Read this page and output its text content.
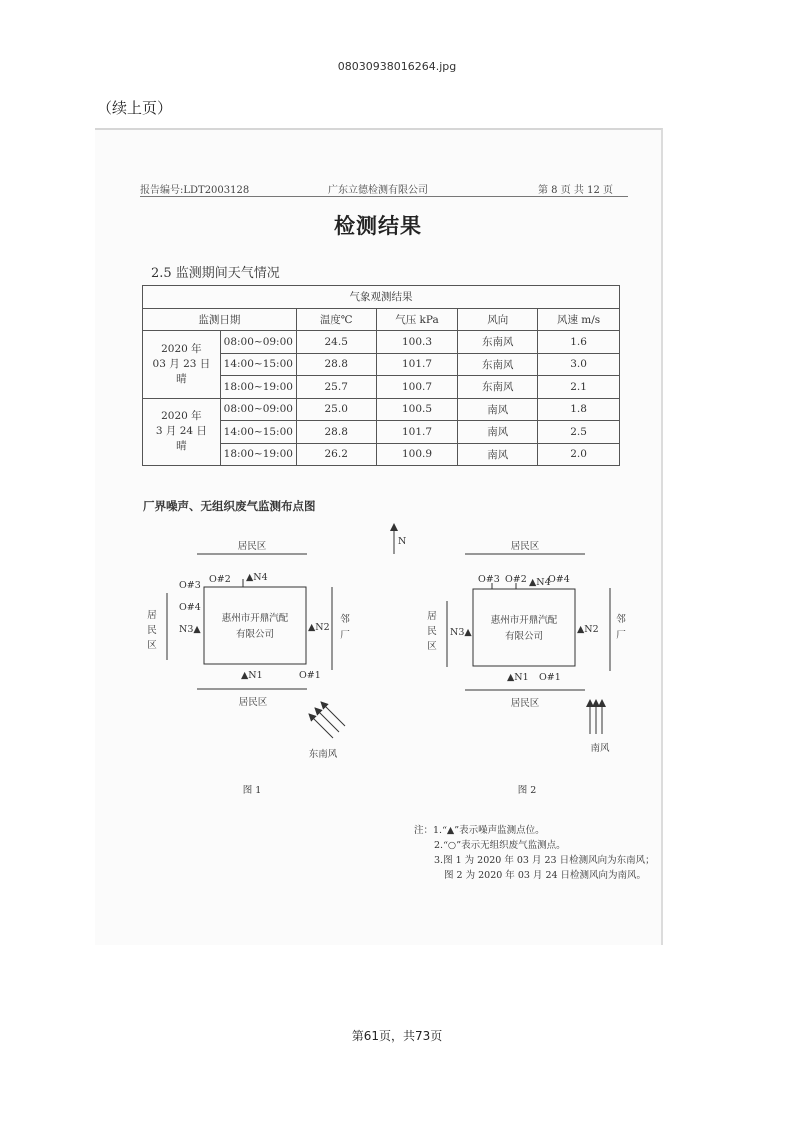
08030938016264.jpg
（续上页）
报告编号:LDT2003128	广东立德检测有限公司	第 8 页 共 12 页
检测结果
2.5 监测期间天气情况
气象观测结果					
监测日期		温度℃	气压 kPa	风向	风速 m/s

2020 年
03 月 23 日
晴	08:00~09:00	24.5	100.3	东南风	1.6
	14:00~15:00	28.8	101.7	东南风	3.0
	18:00~19:00	25.7	100.7	东南风	2.1

2020 年
3 月 24 日
晴	08:00~09:00	25.0	100.5	南风	1.8
	14:00~15:00	28.8	101.7	南风	2.5
	18:00~19:00	26.2	100.9	南风	2.0
厂界噪声、无组织废气监测布点图
N
居民区
居
民
区
邻
厂
惠州市开鼎汽配
有限公司
O#3
O#2 ▲N4
O#4
N3▲	▲N2
▲N1	O#1
居民区
东南风
图 1
居民区
居
民
区
邻
厂
惠州市开鼎汽配
有限公司
O#3 O#2 ▲N4
O#4
N3▲	▲N2
▲N1 O#1
居民区
南风
图 2
注：1.“▲”表示噪声监测点位。
2.“○”表示无组织废气监测点。
3.图 1 为 2020 年 03 月 23 日检测风向为东南风；
图 2 为 2020 年 03 月 24 日检测风向为南风。
第61页，共73页
